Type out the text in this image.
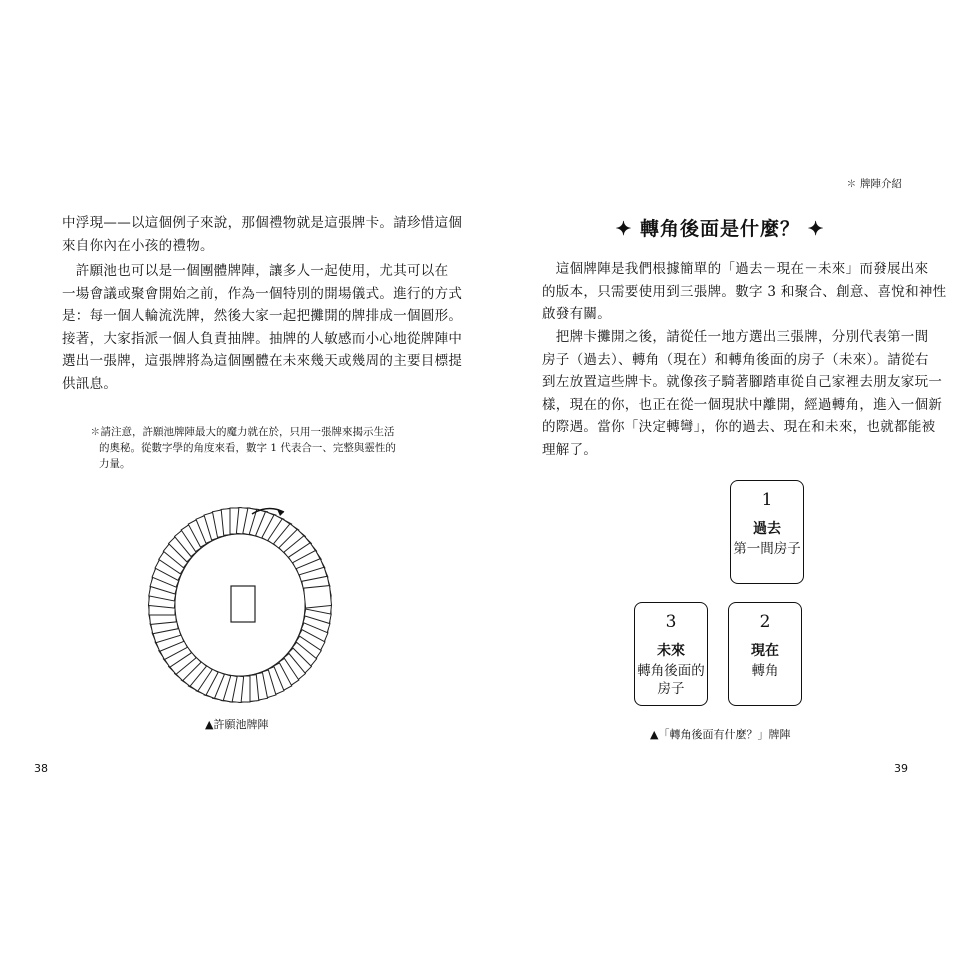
中浮現——以這個例子來說，那個禮物就是這張牌卡。請珍惜這個
來自你內在小孩的禮物。

　許願池也可以是一個團體牌陣，讓多人一起使用，尤其可以在
一場會議或聚會開始之前，作為一個特別的開場儀式。進行的方式
是：每一個人輪流洗牌，然後大家一起把攤開的牌排成一個圓形。
接著，大家指派一個人負責抽牌。抽牌的人敏感而小心地從牌陣中
選出一張牌，這張牌將為這個團體在未來幾天或幾周的主要目標提
供訊息。

✽請注意，許願池牌陣最大的魔力就在於，只用一張牌來揭示生活
的奧秘。從數字學的角度來看，數字 1 代表合一、完整與靈性的
力量。
▲許願池牌陣
38
✽ 牌陣介紹
✦ 轉角後面是什麼？ ✦

　這個牌陣是我們根據簡單的「過去－現在－未來」而發展出來
的版本，只需要使用到三張牌。數字 3 和聚合、創意、喜悅和神性
啟發有關。

　把牌卡攤開之後，請從任一地方選出三張牌，分別代表第一間
房子（過去）、轉角（現在）和轉角後面的房子（未來）。請從右
到左放置這些牌卡。就像孩子騎著腳踏車從自己家裡去朋友家玩一
樣，現在的你，也正在從一個現狀中離開，經過轉角，進入一個新
的際遇。當你「決定轉彎」，你的過去、現在和未來，也就都能被
理解了。

1
過去
第一間房子
2
現在
轉角
3
未來
轉角後面的
房子
▲「轉角後面有什麼？」牌陣
39
